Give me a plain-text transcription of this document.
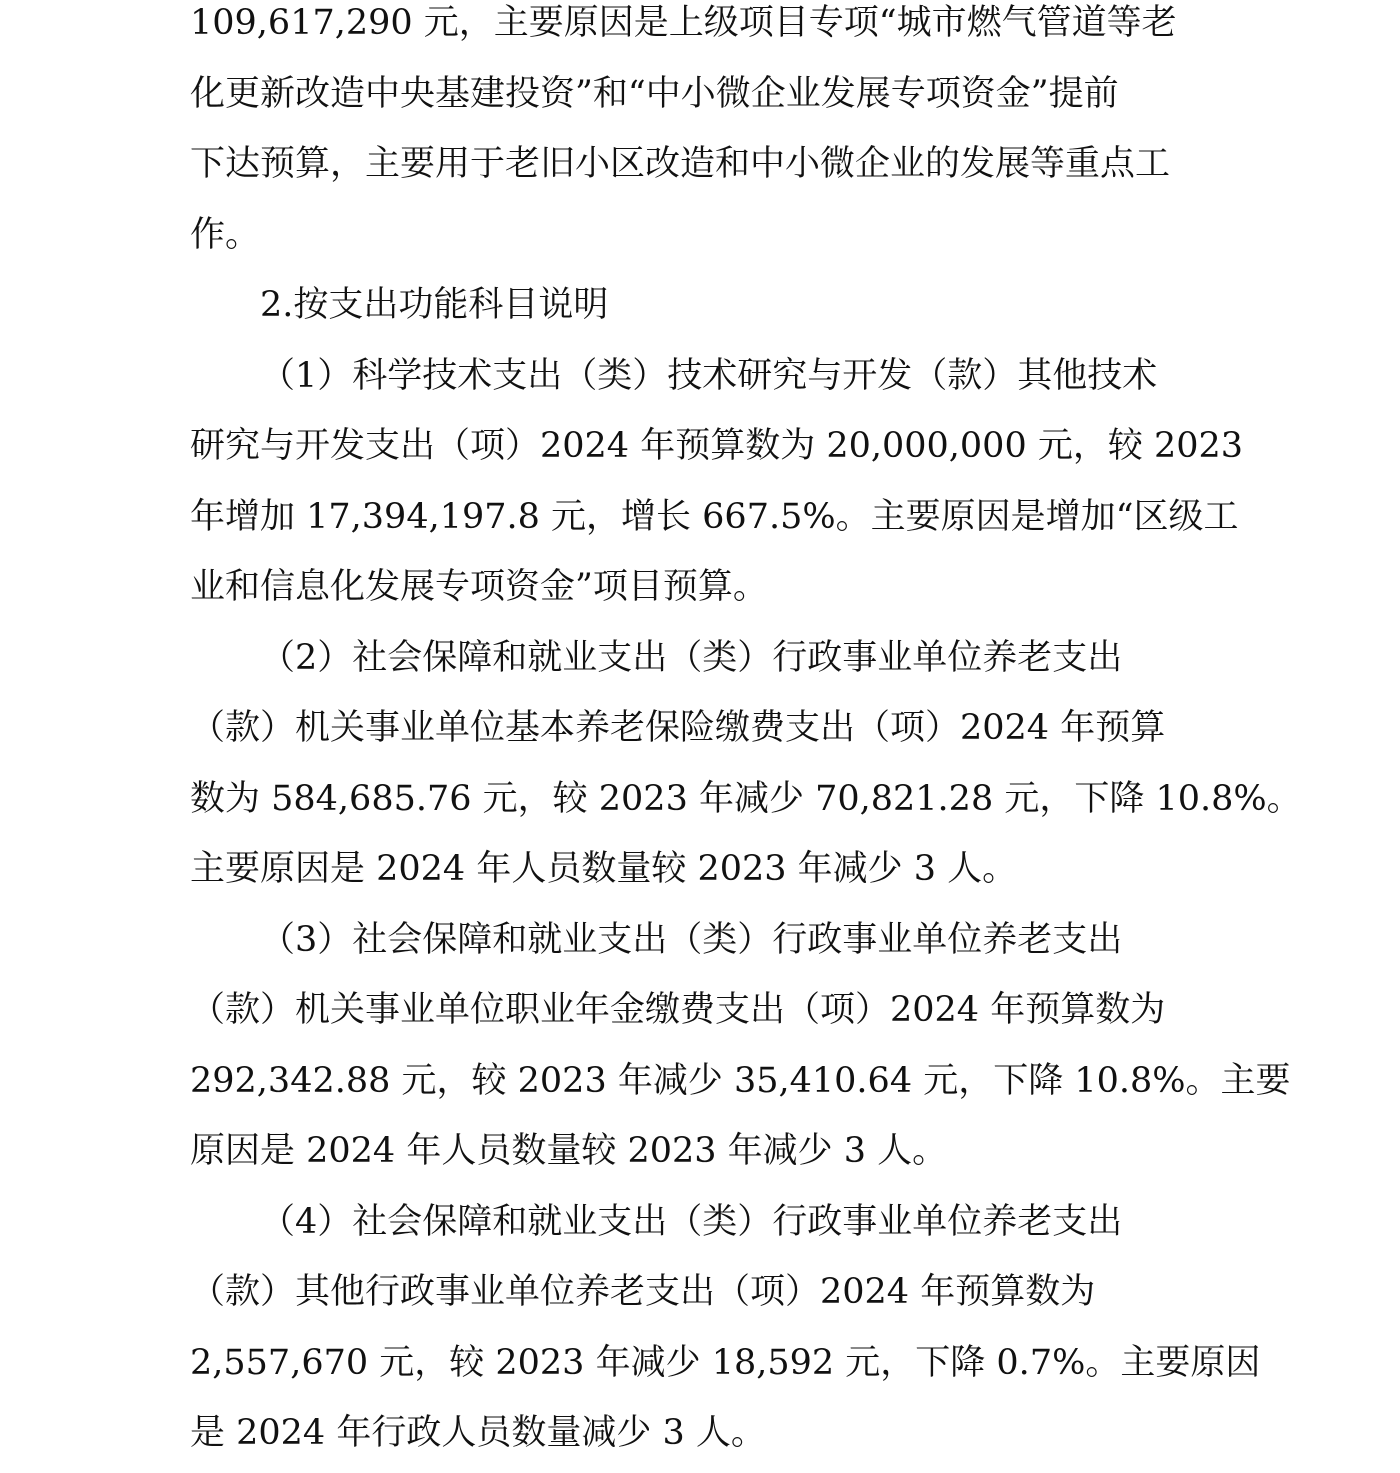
109,617,290 元，主要原因是上级项目专项“城市燃气管道等老
化更新改造中央基建投资”和“中小微企业发展专项资金”提前
下达预算，主要用于老旧小区改造和中小微企业的发展等重点工
作。
2.按支出功能科目说明
（1）科学技术支出（类）技术研究与开发（款）其他技术
研究与开发支出（项）2024 年预算数为 20,000,000 元，较 2023
年增加 17,394,197.8 元，增长 667.5%。主要原因是增加“区级工
业和信息化发展专项资金”项目预算。
（2）社会保障和就业支出（类）行政事业单位养老支出
（款）机关事业单位基本养老保险缴费支出（项）2024 年预算
数为 584,685.76 元，较 2023 年减少 70,821.28 元，下降 10.8%。
主要原因是 2024 年人员数量较 2023 年减少 3 人。
（3）社会保障和就业支出（类）行政事业单位养老支出
（款）机关事业单位职业年金缴费支出（项）2024 年预算数为
292,342.88 元，较 2023 年减少 35,410.64 元，下降 10.8%。主要
原因是 2024 年人员数量较 2023 年减少 3 人。
（4）社会保障和就业支出（类）行政事业单位养老支出
（款）其他行政事业单位养老支出（项）2024 年预算数为
2,557,670 元，较 2023 年减少 18,592 元，下降 0.7%。主要原因
是 2024 年行政人员数量减少 3 人。
